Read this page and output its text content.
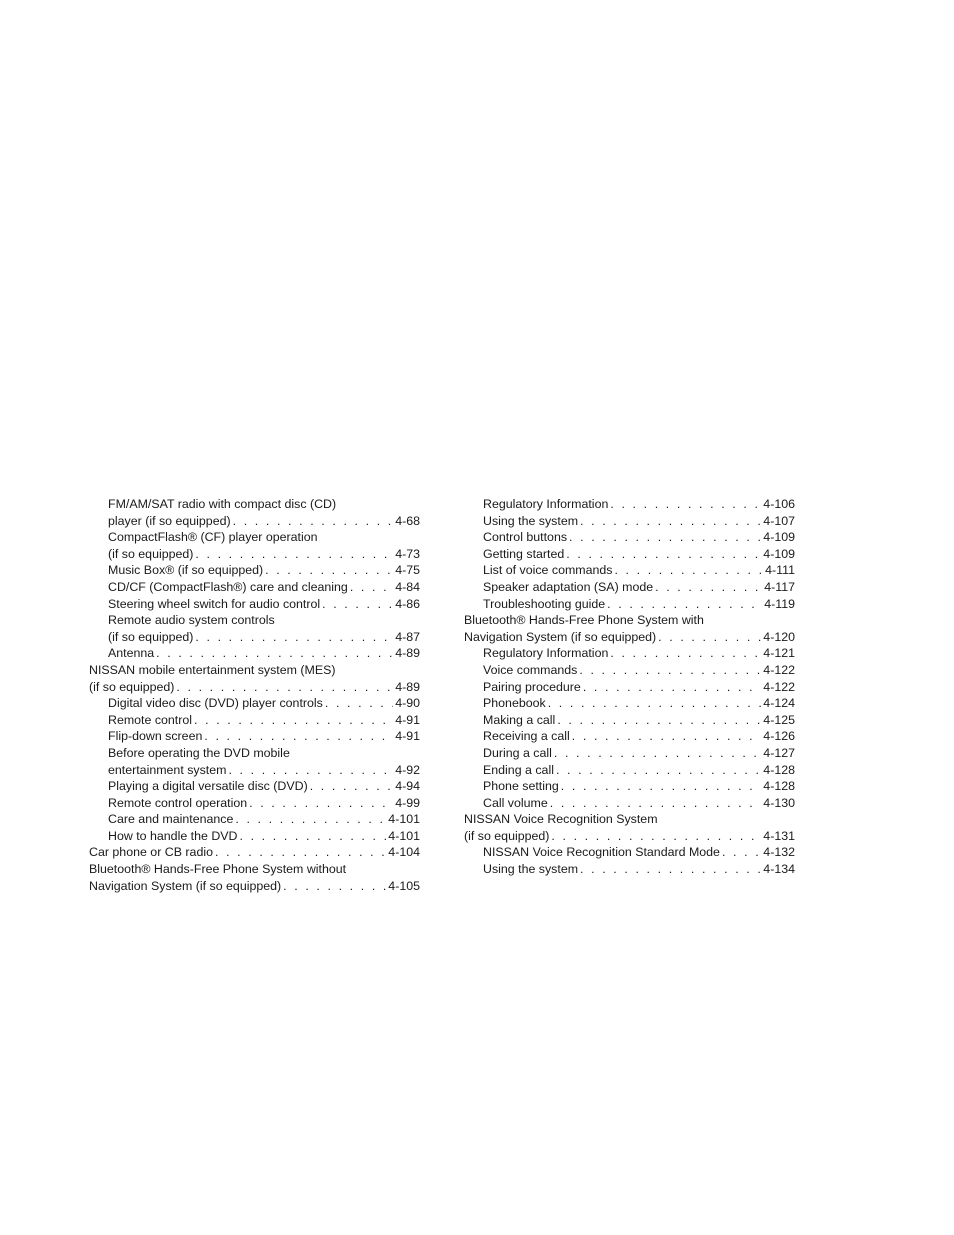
FM/AM/SAT radio with compact disc (CD)
player (if so equipped) . . .	4-68
CompactFlash® (CF) player operation
(if so equipped) . . .	4-73
Music Box® (if so equipped) . . .	4-75
CD/CF (CompactFlash®) care and cleaning . . .	4-84
Steering wheel switch for audio control . . .	4-86
Remote audio system controls
(if so equipped) . . .	4-87
Antenna . . .	4-89
NISSAN mobile entertainment system (MES)
(if so equipped) . . .	4-89
Digital video disc (DVD) player controls . . .	4-90
Remote control . . .	4-91
Flip-down screen . . .	4-91
Before operating the DVD mobile
entertainment system . . .	4-92
Playing a digital versatile disc (DVD) . . .	4-94
Remote control operation . . .	4-99
Care and maintenance . . .	4-101
How to handle the DVD . . .	4-101
Car phone or CB radio . . .	4-104
Bluetooth® Hands-Free Phone System without
Navigation System (if so equipped) . . .	4-105
Regulatory Information . . .	4-106
Using the system . . .	4-107
Control buttons . . .	4-109
Getting started . . .	4-109
List of voice commands . . .	4-111
Speaker adaptation (SA) mode . . .	4-117
Troubleshooting guide . . .	4-119
Bluetooth® Hands-Free Phone System with
Navigation System (if so equipped) . . .	4-120
Regulatory Information . . .	4-121
Voice commands . . .	4-122
Pairing procedure . . .	4-122
Phonebook . . .	4-124
Making a call . . .	4-125
Receiving a call . . .	4-126
During a call . . .	4-127
Ending a call . . .	4-128
Phone setting . . .	4-128
Call volume . . .	4-130
NISSAN Voice Recognition System
(if so equipped) . . .	4-131
NISSAN Voice Recognition Standard Mode . . .	4-132
Using the system . . .	4-134
